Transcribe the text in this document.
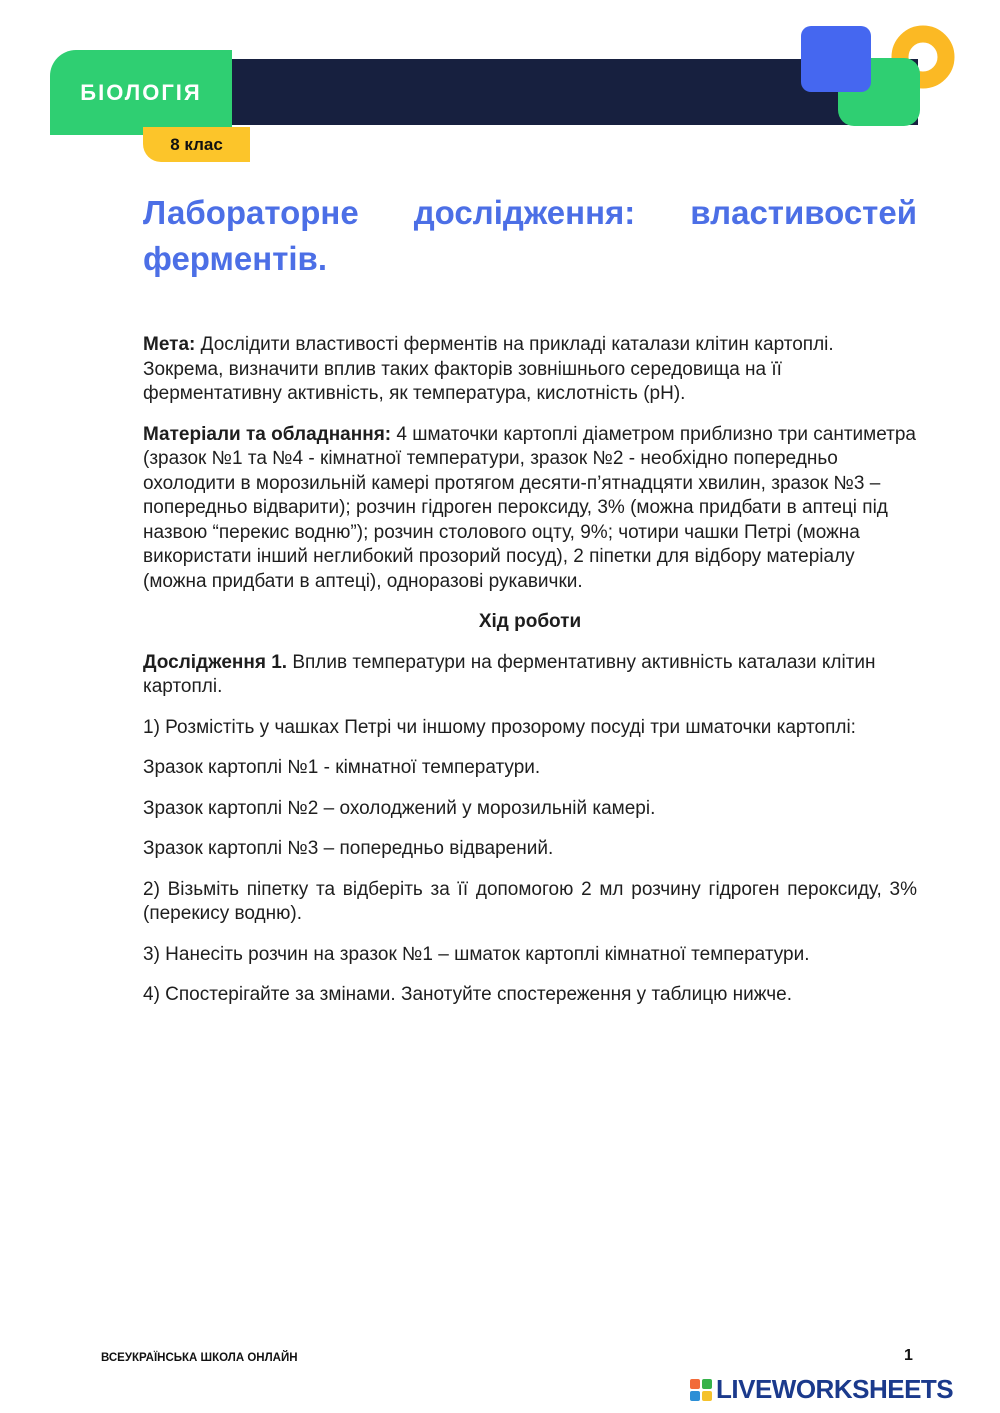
БІОЛОГІЯ
8 клас
Лабораторне дослідження: властивостей ферментів.

Мета: Дослідити властивості ферментів на прикладі каталази клітин картоплі. Зокрема, визначити вплив таких факторів зовнішнього середовища на її ферментативну активність, як температура, кислотність (pH).

Матеріали та обладнання: 4 шматочки картоплі діаметром приблизно три сантиметра (зразок №1 та №4 - кімнатної температури, зразок №2 - необхідно попередньо охолодити в морозильній камері протягом десяти-п’ятнадцяти хвилин, зразок №3 – попередньо відварити); розчин гідроген пероксиду, 3% (можна придбати в аптеці під назвою “перекис водню”); розчин столового оцту, 9%; чотири чашки Петрі (можна використати інший неглибокий прозорий посуд), 2 піпетки для відбору матеріалу (можна придбати в аптеці), одноразові рукавички.

Хід роботи

Дослідження 1. Вплив температури на ферментативну активність каталази клітин картоплі.

1) Розмістіть у чашках Петрі чи іншому прозорому посуді три шматочки картоплі:

Зразок картоплі №1 - кімнатної температури.

Зразок картоплі №2 – охолоджений у морозильній камері.

Зразок картоплі №3 – попередньо відварений.

2) Візьміть піпетку та відберіть за її допомогою 2 мл розчину гідроген пероксиду, 3% (перекису водню).

3) Нанесіть розчин на зразок №1 – шматок картоплі кімнатної температури.

4) Спостерігайте за змінами. Занотуйте спостереження у таблицю нижче.

ВСЕУКРАЇНСЬКА ШКОЛА ОНЛАЙН	1
LIVEWORKSHEETS
